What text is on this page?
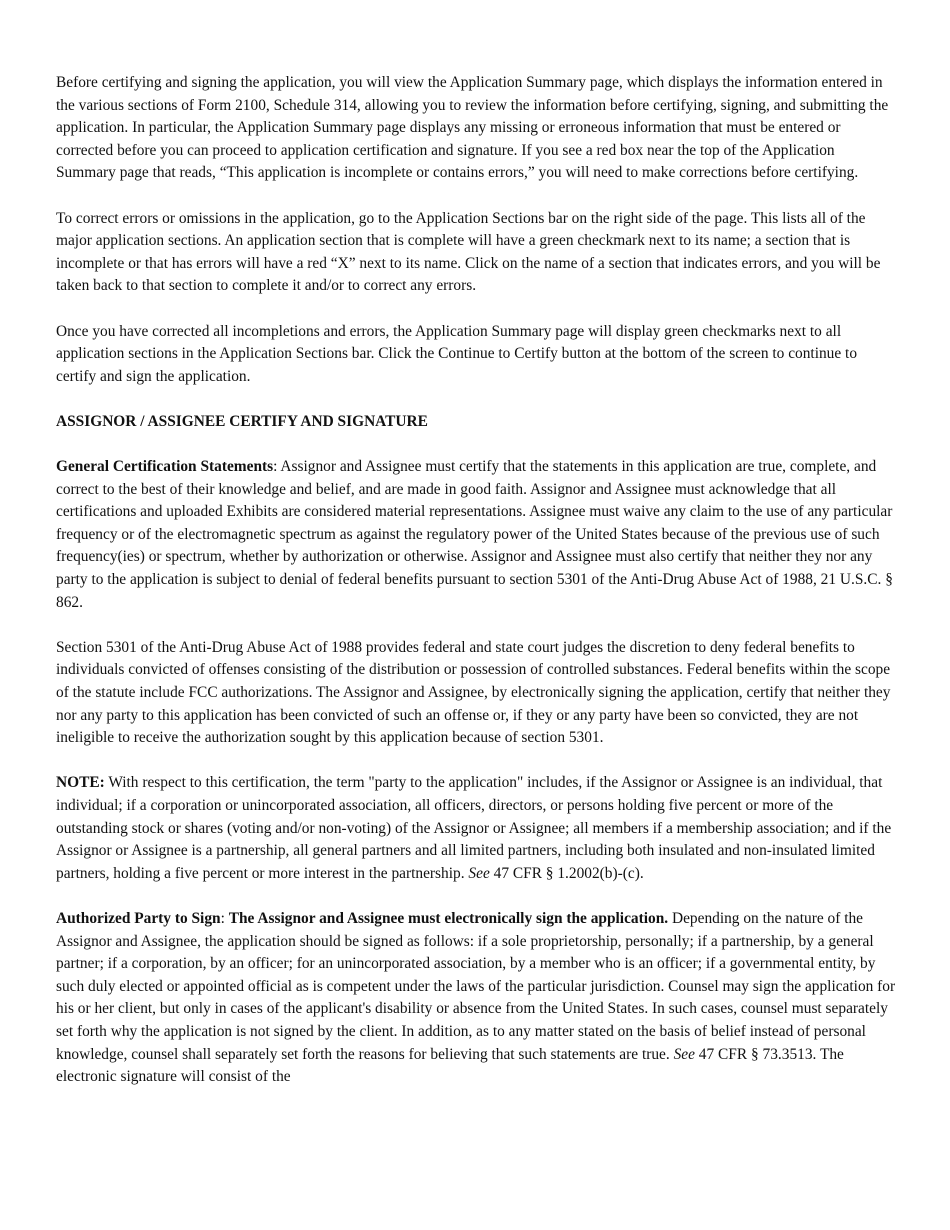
Before certifying and signing the application, you will view the Application Summary page, which displays the information entered in the various sections of Form 2100, Schedule 314, allowing you to review the information before certifying, signing, and submitting the application. In particular, the Application Summary page displays any missing or erroneous information that must be entered or corrected before you can proceed to application certification and signature. If you see a red box near the top of the Application Summary page that reads, “This application is incomplete or contains errors,” you will need to make corrections before certifying.

To correct errors or omissions in the application, go to the Application Sections bar on the right side of the page. This lists all of the major application sections. An application section that is complete will have a green checkmark next to its name; a section that is incomplete or that has errors will have a red “X” next to its name. Click on the name of a section that indicates errors, and you will be taken back to that section to complete it and/or to correct any errors.

Once you have corrected all incompletions and errors, the Application Summary page will display green checkmarks next to all application sections in the Application Sections bar. Click the Continue to Certify button at the bottom of the screen to continue to certify and sign the application.

ASSIGNOR / ASSIGNEE CERTIFY AND SIGNATURE

General Certification Statements: Assignor and Assignee must certify that the statements in this application are true, complete, and correct to the best of their knowledge and belief, and are made in good faith. Assignor and Assignee must acknowledge that all certifications and uploaded Exhibits are considered material representations. Assignee must waive any claim to the use of any particular frequency or of the electromagnetic spectrum as against the regulatory power of the United States because of the previous use of such frequency(ies) or spectrum, whether by authorization or otherwise. Assignor and Assignee must also certify that neither they nor any party to the application is subject to denial of federal benefits pursuant to section 5301 of the Anti-Drug Abuse Act of 1988, 21 U.S.C. § 862.

Section 5301 of the Anti-Drug Abuse Act of 1988 provides federal and state court judges the discretion to deny federal benefits to individuals convicted of offenses consisting of the distribution or possession of controlled substances. Federal benefits within the scope of the statute include FCC authorizations. The Assignor and Assignee, by electronically signing the application, certify that neither they nor any party to this application has been convicted of such an offense or, if they or any party have been so convicted, they are not ineligible to receive the authorization sought by this application because of section 5301.

NOTE: With respect to this certification, the term "party to the application" includes, if the Assignor or Assignee is an individual, that individual; if a corporation or unincorporated association, all officers, directors, or persons holding five percent or more of the outstanding stock or shares (voting and/or non-voting) of the Assignor or Assignee; all members if a membership association; and if the Assignor or Assignee is a partnership, all general partners and all limited partners, including both insulated and non-insulated limited partners, holding a five percent or more interest in the partnership. See 47 CFR § 1.2002(b)-(c).

Authorized Party to Sign: The Assignor and Assignee must electronically sign the application. Depending on the nature of the Assignor and Assignee, the application should be signed as follows: if a sole proprietorship, personally; if a partnership, by a general partner; if a corporation, by an officer; for an unincorporated association, by a member who is an officer; if a governmental entity, by such duly elected or appointed official as is competent under the laws of the particular jurisdiction. Counsel may sign the application for his or her client, but only in cases of the applicant's disability or absence from the United States. In such cases, counsel must separately set forth why the application is not signed by the client. In addition, as to any matter stated on the basis of belief instead of personal knowledge, counsel shall separately set forth the reasons for believing that such statements are true. See 47 CFR § 73.3513. The electronic signature will consist of the
